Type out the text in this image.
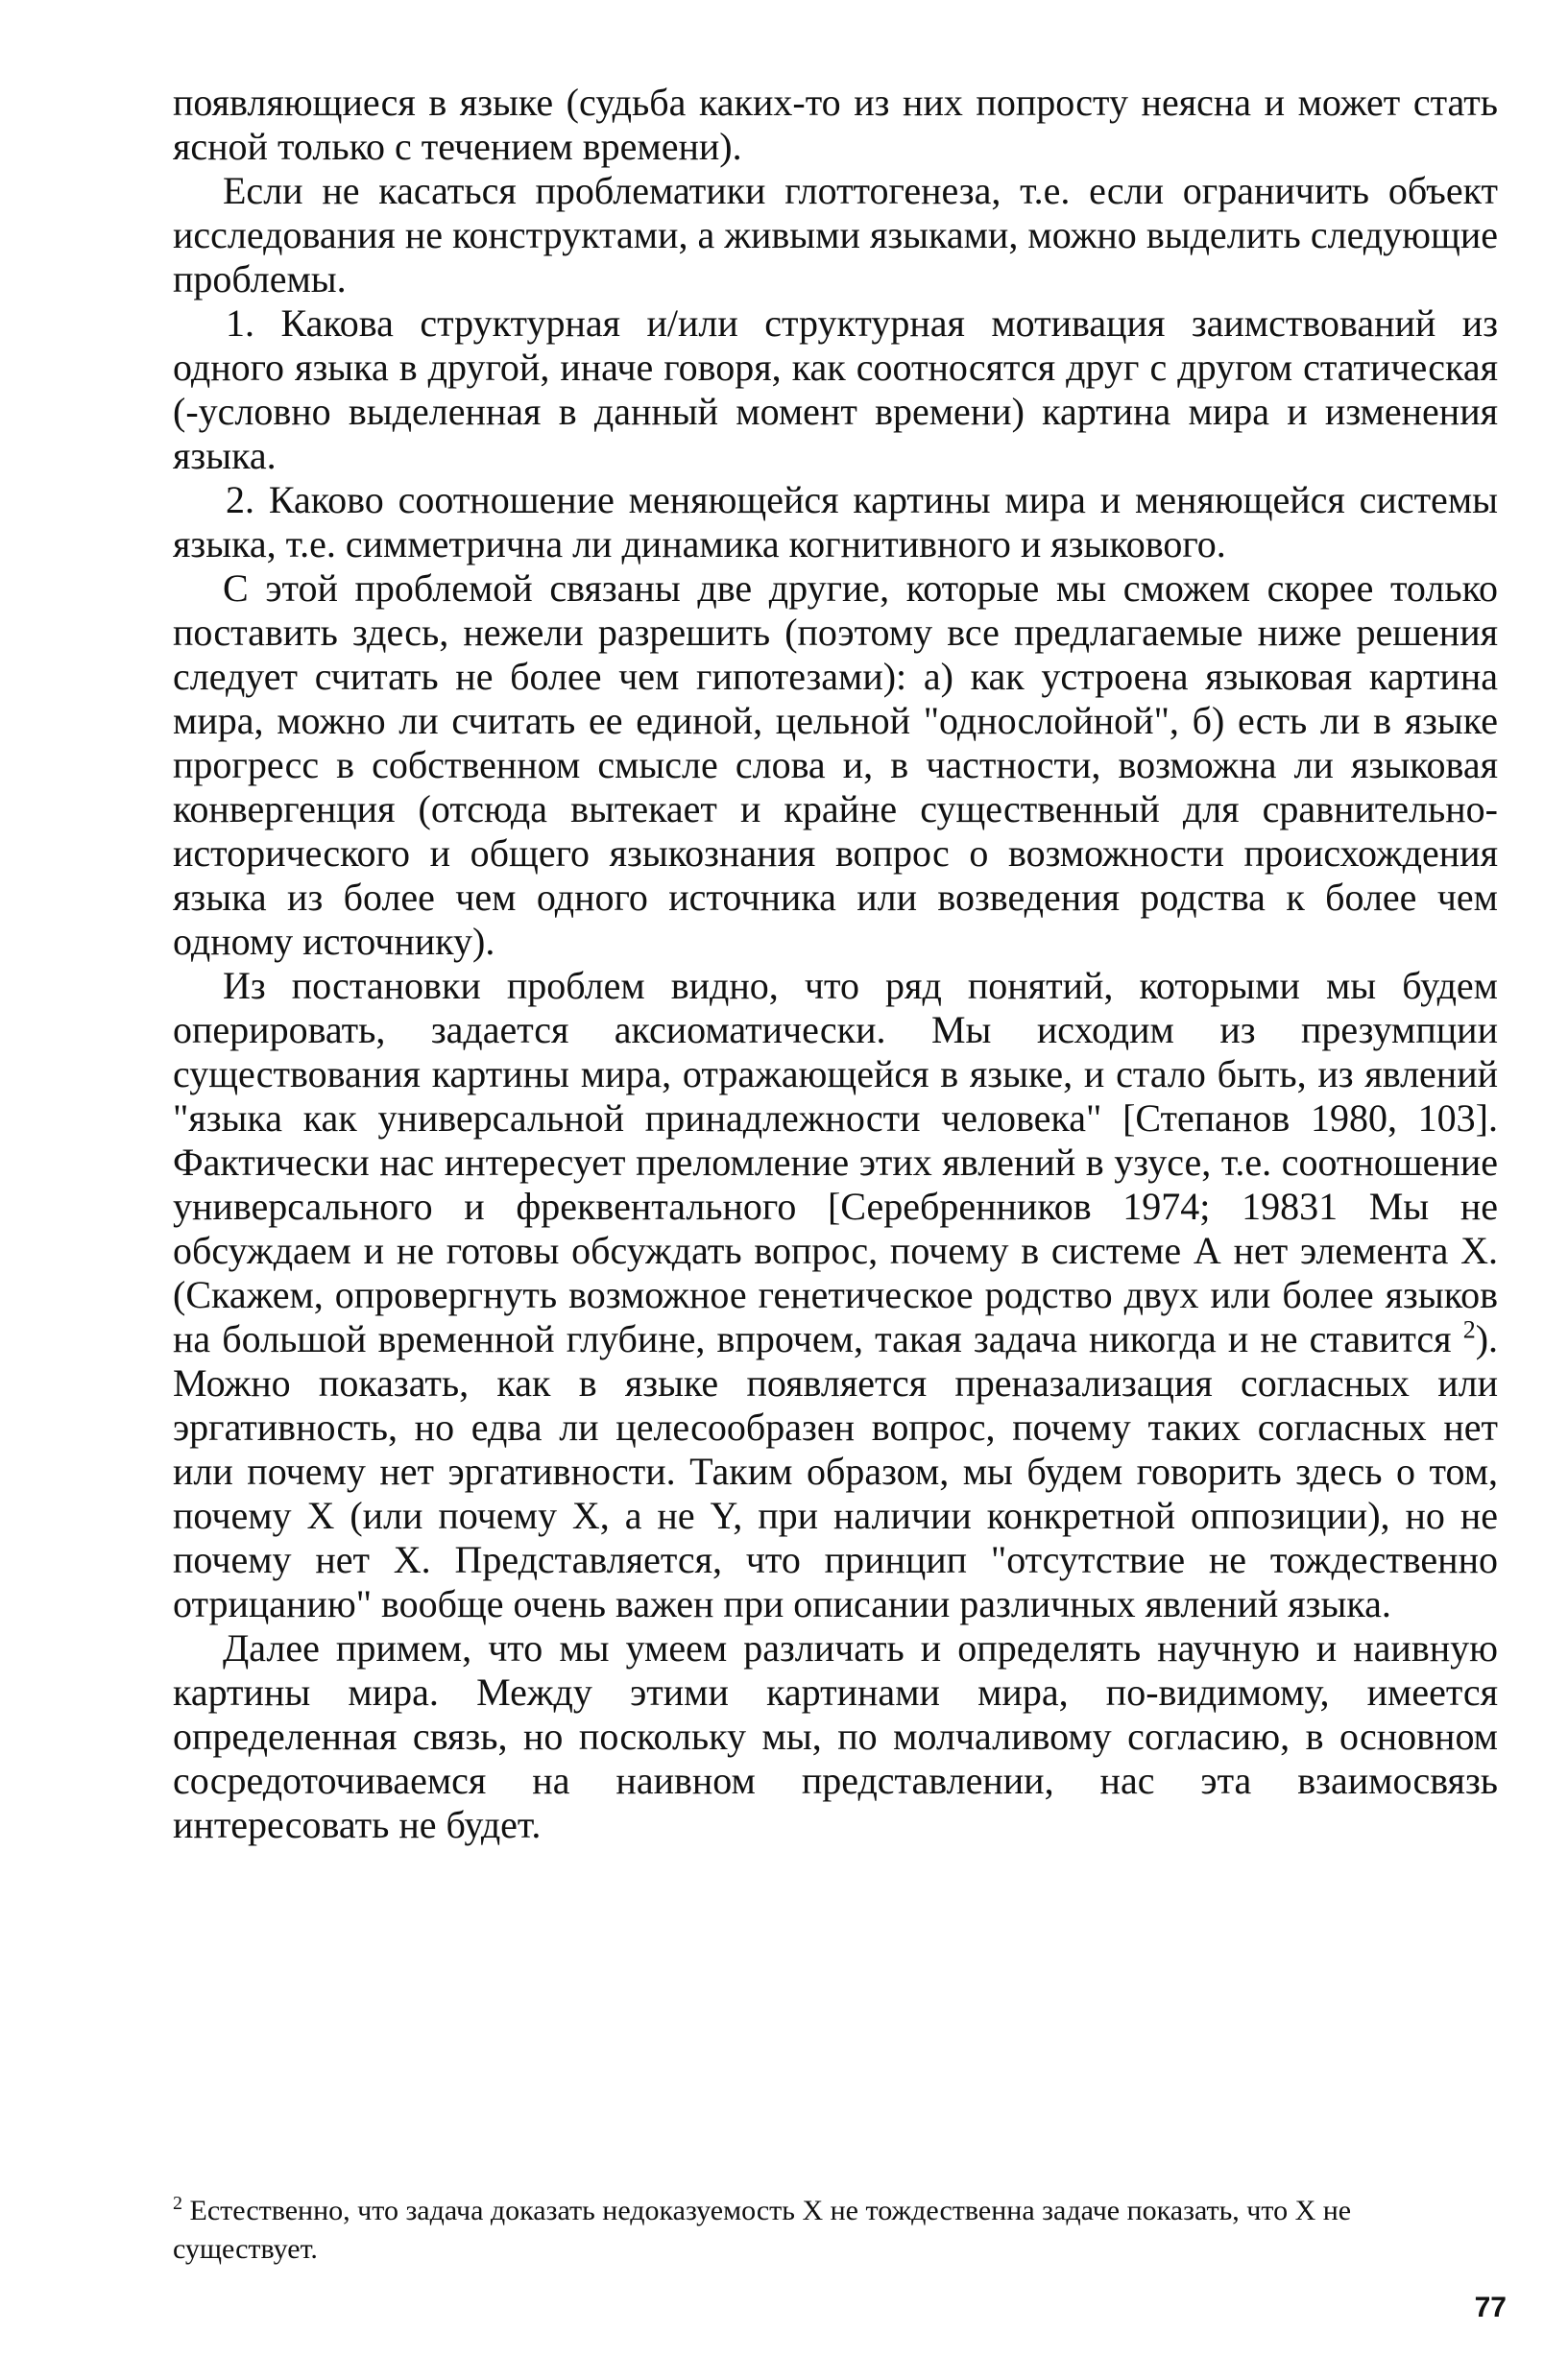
появляющиеся в языке (судьба каких-то из них попросту неясна и может стать ясной только с течением времени).

Если не касаться проблематики глоттогенеза, т.е. если ограничить объект исследования не конструктами, а живыми языками, можно выделить следующие проблемы.

1. Какова структурная и/или структурная мотивация заимствований из одного языка в другой, иначе говоря, как соотносятся друг с другом статическая (-условно выделенная в данный момент времени) картина мира и изменения языка.

2. Каково соотношение меняющейся картины мира и меняющейся системы языка, т.е. симметрична ли динамика когнитивного и языкового.

С этой проблемой связаны две другие, которые мы сможем скорее только поставить здесь, нежели разрешить (поэтому все предлагаемые ниже решения следует считать не более чем гипотезами): а) как устроена языковая картина мира, можно ли считать ее единой, цельной "однослойной", б) есть ли в языке прогресс в собственном смысле слова и, в частности, возможна ли языковая конвергенция (отсюда вытекает и крайне существенный для сравнительно-исторического и общего языкознания вопрос о возможности происхождения языка из более чем одного источника или возведения родства к более чем одному источнику).

Из постановки проблем видно, что ряд понятий, которыми мы будем оперировать, задается аксиоматически. Мы исходим из презумпции существования картины мира, отражающейся в языке, и стало быть, из явлений "языка как универсальной принадлежности человека" [Степанов 1980, 103]. Фактически нас интересует преломление этих явлений в узусе, т.е. соотношение универсального и фреквентального [Серебренников 1974; 19831 Мы не обсуждаем и не готовы обсуждать вопрос, почему в системе А нет элемента X. (Скажем, опровергнуть возможное генетическое родство двух или более языков на большой временной глубине, впрочем, такая задача никогда и не ставится $^2$). Можно показать, как в языке появляется преназализация согласных или эргативность, но едва ли целесообразен вопрос, почему таких согласных нет или почему нет эргативности. Таким образом, мы будем говорить здесь о том, почему X (или почему X, а не Y, при наличии конкретной оппозиции), но не почему нет X. Представляется, что принцип "отсутствие не тождественно отрицанию" вообще очень важен при описании различных явлений языка.

Далее примем, что мы умеем различать и определять научную и наивную картины мира. Между этими картинами мира, по-видимому, имеется определенная связь, но поскольку мы, по молчаливому согласию, в основном сосредоточиваемся на наивном представлении, нас эта взаимосвязь интересовать не будет.

$^2$ Естественно, что задача доказать недоказуемость X не тождественна задаче показать, что X не существует.
77
